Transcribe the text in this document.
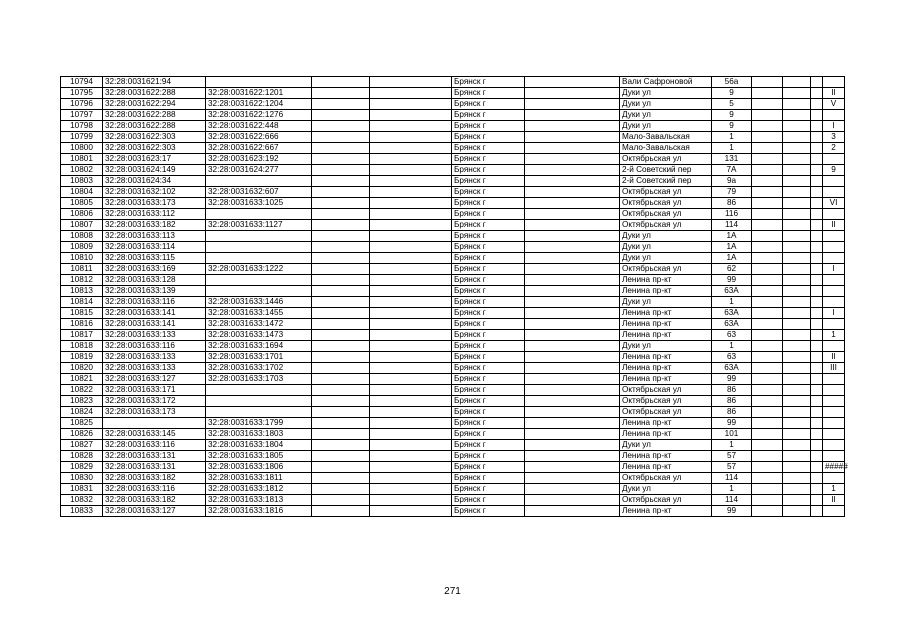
10794	32:28:0031621:94				Брянск г		Вали Сафроновой	56а				
10795	32:28:0031622:288	32:28:0031622:1201			Брянск г		Дуки ул	9				II
10796	32:28:0031622:294	32:28:0031622:1204			Брянск г		Дуки ул	5				V
10797	32:28:0031622:288	32:28:0031622:1276			Брянск г		Дуки ул	9				
10798	32:28:0031622:288	32:28:0031622:448			Брянск г		Дуки ул	9				I
10799	32:28:0031622:303	32:28:0031622:666			Брянск г		Мало-Завальская	1				3
10800	32:28:0031622:303	32:28:0031622:667			Брянск г		Мало-Завальская	1				2
10801	32:28:0031623:17	32:28:0031623:192			Брянск г		Октябрьская ул	131				
10802	32:28:0031624:149	32:28:0031624:277			Брянск г		2-й Советский пер	7А				9
10803	32:28:0031624:34				Брянск г		2-й Советский пер	9а				
10804	32:28:0031632:102	32:28:0031632:607			Брянск г		Октябрьская ул	79				
10805	32:28:0031633:173	32:28:0031633:1025			Брянск г		Октябрьская ул	86				VI
10806	32:28:0031633:112				Брянск г		Октябрьская ул	116				
10807	32:28:0031633:182	32:28:0031633:1127			Брянск г		Октябрьская ул	114				II
10808	32:28:0031633:113				Брянск г		Дуки ул	1А				
10809	32:28:0031633:114				Брянск г		Дуки ул	1А				
10810	32:28:0031633:115				Брянск г		Дуки ул	1А				
10811	32:28:0031633:169	32:28:0031633:1222			Брянск г		Октябрьская ул	62				I
10812	32:28:0031633:128				Брянск г		Ленина пр-кт	99				
10813	32:28:0031633:139				Брянск г		Ленина пр-кт	63А				
10814	32:28:0031633:116	32:28:0031633:1446			Брянск г		Дуки ул	1				
10815	32:28:0031633:141	32:28:0031633:1455			Брянск г		Ленина пр-кт	63А				I
10816	32:28:0031633:141	32:28:0031633:1472			Брянск г		Ленина пр-кт	63А				
10817	32:28:0031633:133	32:28:0031633:1473			Брянск г		Ленина пр-кт	63				1
10818	32:28:0031633:116	32:28:0031633:1694			Брянск г		Дуки ул	1				
10819	32:28:0031633:133	32:28:0031633:1701			Брянск г		Ленина пр-кт	63				II
10820	32:28:0031633:133	32:28:0031633:1702			Брянск г		Ленина пр-кт	63А				III
10821	32:28:0031633:127	32:28:0031633:1703			Брянск г		Ленина пр-кт	99				
10822	32:28:0031633:171				Брянск г		Октябрьская ул	86				
10823	32:28:0031633:172				Брянск г		Октябрьская ул	86				
10824	32:28:0031633:173				Брянск г		Октябрьская ул	86				
10825		32:28:0031633:1799			Брянск г		Ленина пр-кт	99				
10826	32:28:0031633:145	32:28:0031633:1803			Брянск г		Ленина пр-кт	101				
10827	32:28:0031633:116	32:28:0031633:1804			Брянск г		Дуки ул	1				
10828	32:28:0031633:131	32:28:0031633:1805			Брянск г		Ленина пр-кт	57				
10829	32:28:0031633:131	32:28:0031633:1806			Брянск г		Ленина пр-кт	57				#####
10830	32:28:0031633:182	32:28:0031633:1811			Брянск г		Октябрьская ул	114				
10831	32:28:0031633:116	32:28:0031633:1812			Брянск г		Дуки ул	1				1
10832	32:28:0031633:182	32:28:0031633:1813			Брянск г		Октябрьская ул	114				II
10833	32:28:0031633:127	32:28:0031633:1816			Брянск г		Ленина пр-кт	99				
271
